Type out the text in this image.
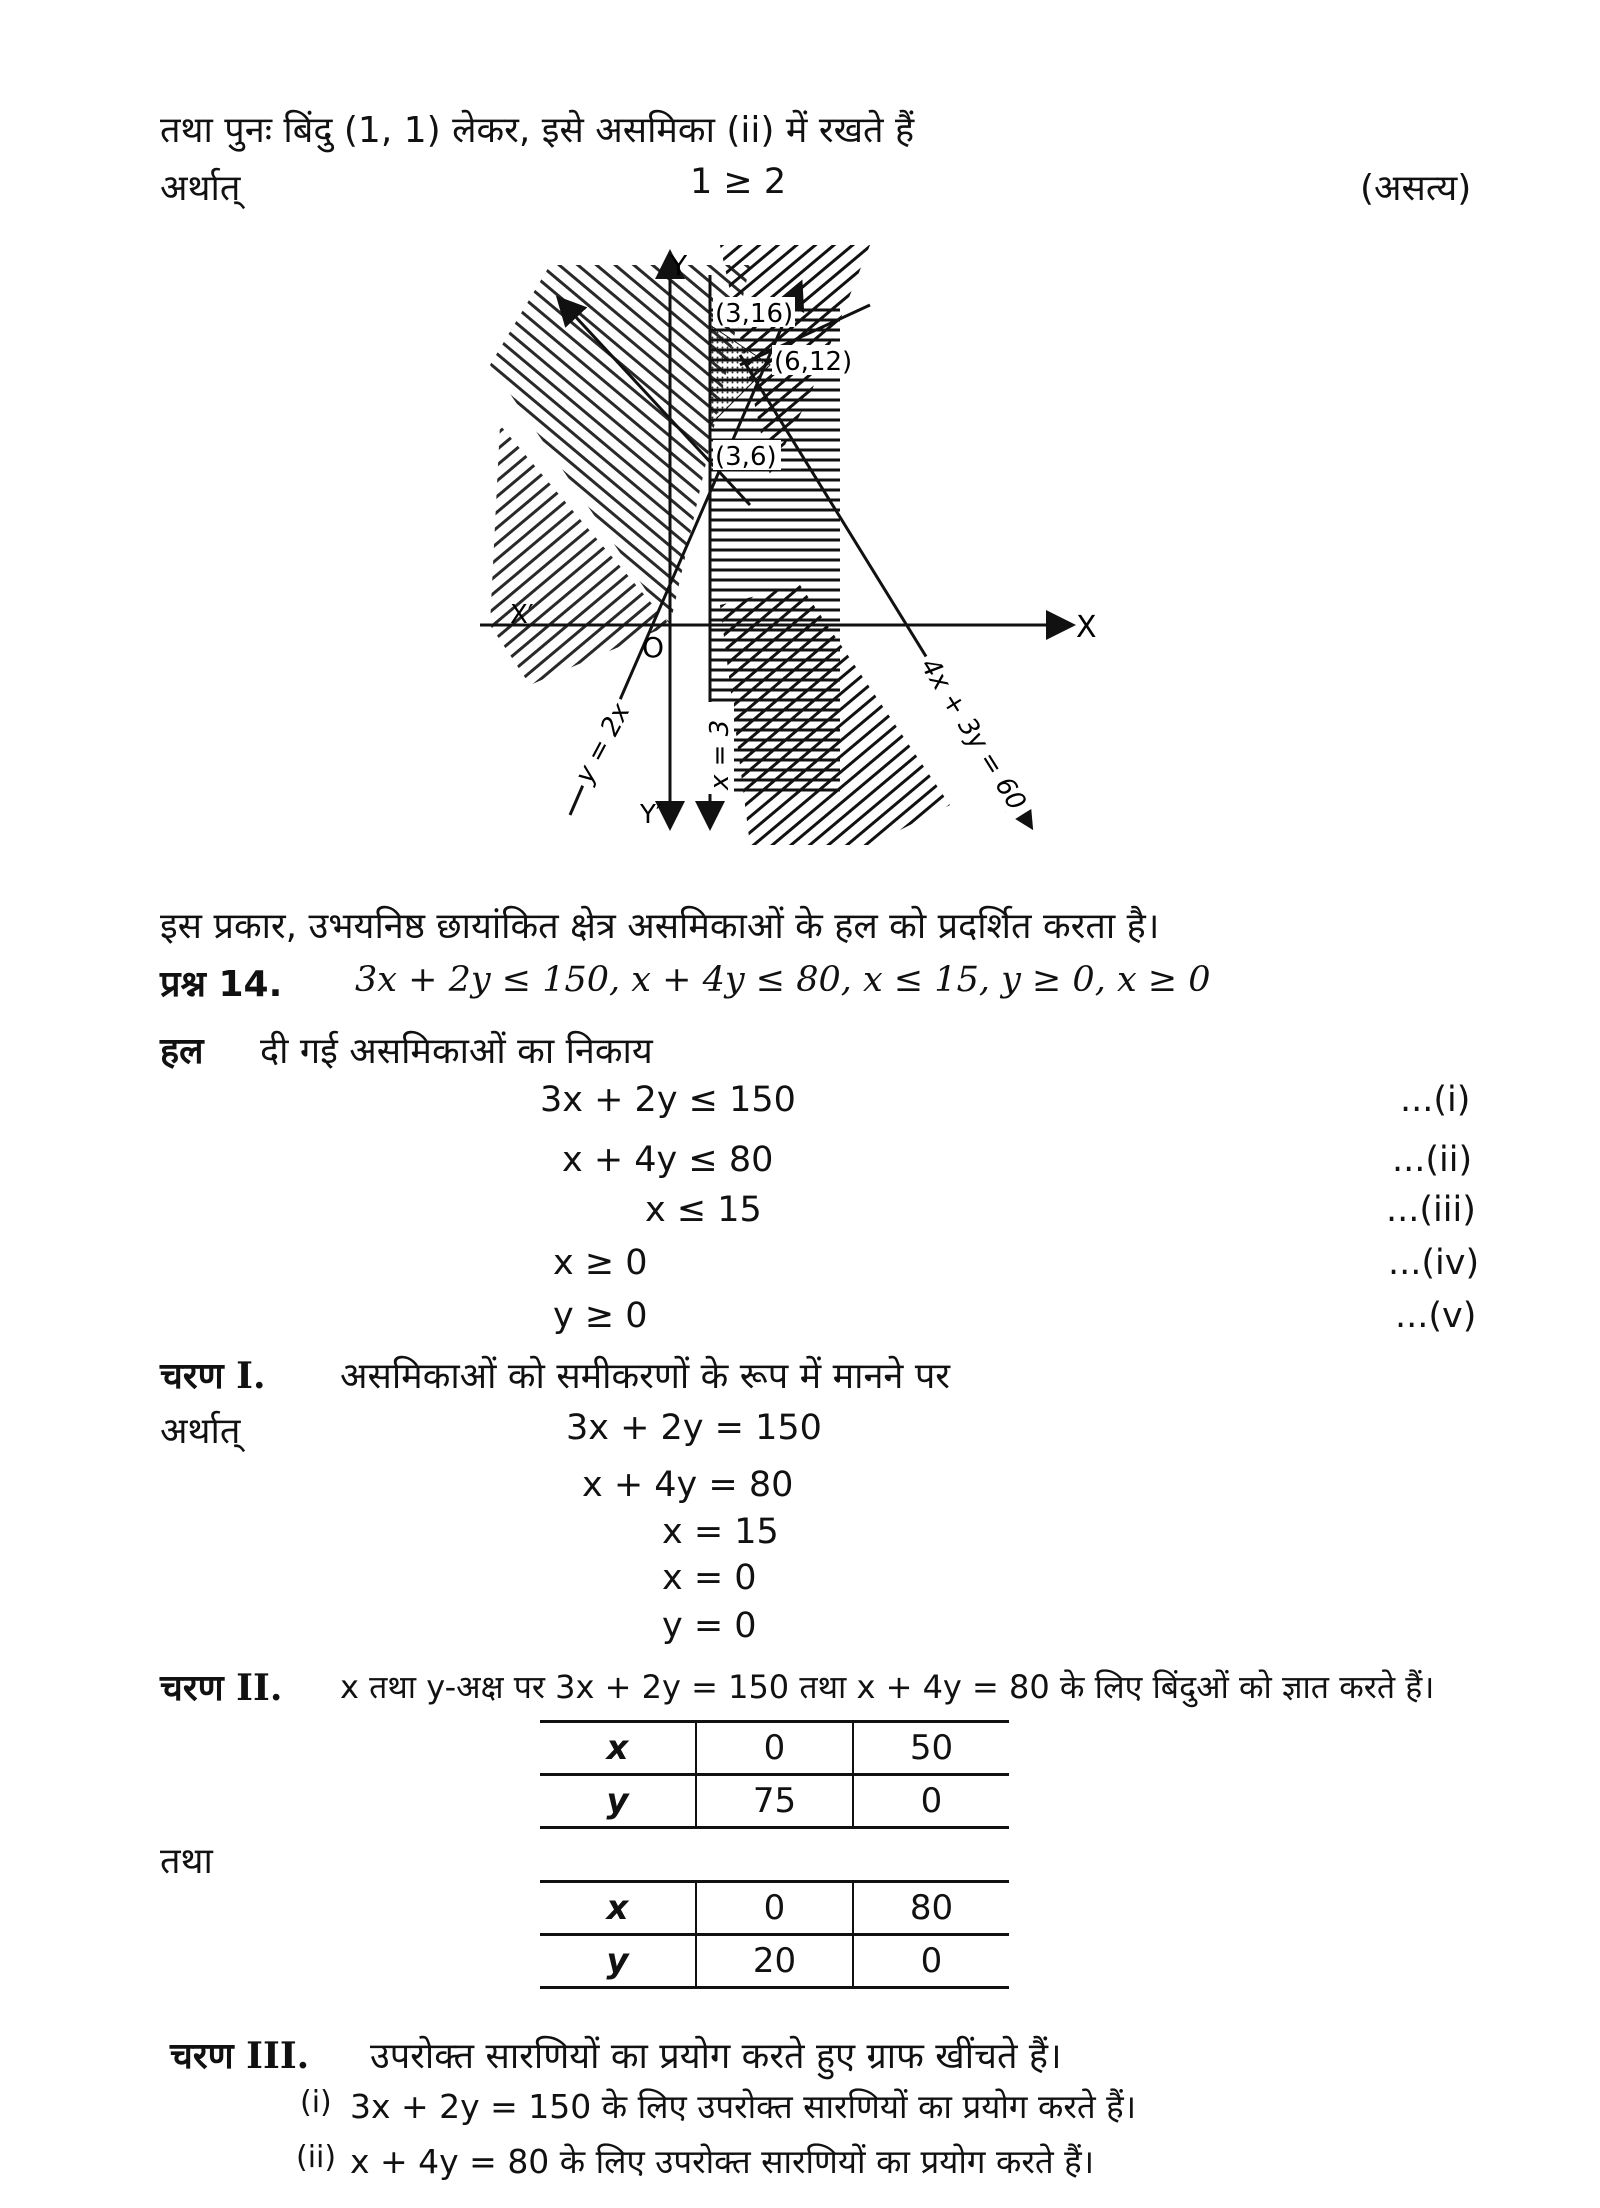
तथा पुनः बिंदु (1, 1) लेकर, इसे असमिका (ii) में रखते हैं
अर्थात्	1 ≥ 2	(असत्य)
(3,16)
(6,12)
(3,6)
Y
X
X′
Y′
O
y = 2x	x = 3	4x + 3y = 60
इस प्रकार, उभयनिष्ठ छायांकित क्षेत्र असमिकाओं के हल को प्रदर्शित करता है।
प्रश्न 14. 3x + 2y ≤ 150, x + 4y ≤ 80, x ≤ 15, y ≥ 0, x ≥ 0
हल दी गई असमिकाओं का निकाय
3x + 2y ≤ 150	...(i)
x + 4y ≤ 80	...(ii)
x ≤ 15	...(iii)
x ≥ 0	...(iv)
y ≥ 0	...(v)
चरण I. असमिकाओं को समीकरणों के रूप में मानने पर
अर्थात्	3x + 2y = 150
x + 4y = 80
x = 15
x = 0
y = 0
चरण II. x तथा y-अक्ष पर 3x + 2y = 150 तथा x + 4y = 80 के लिए बिंदुओं को ज्ञात करते हैं।
x	0	50
y	75	0
तथा
x	0	80
y	20	0
चरण III. उपरोक्त सारणियों का प्रयोग करते हुए ग्राफ खींचते हैं।
(i) 3x + 2y = 150 के लिए उपरोक्त सारणियों का प्रयोग करते हैं।
(ii) x + 4y = 80 के लिए उपरोक्त सारणियों का प्रयोग करते हैं।
